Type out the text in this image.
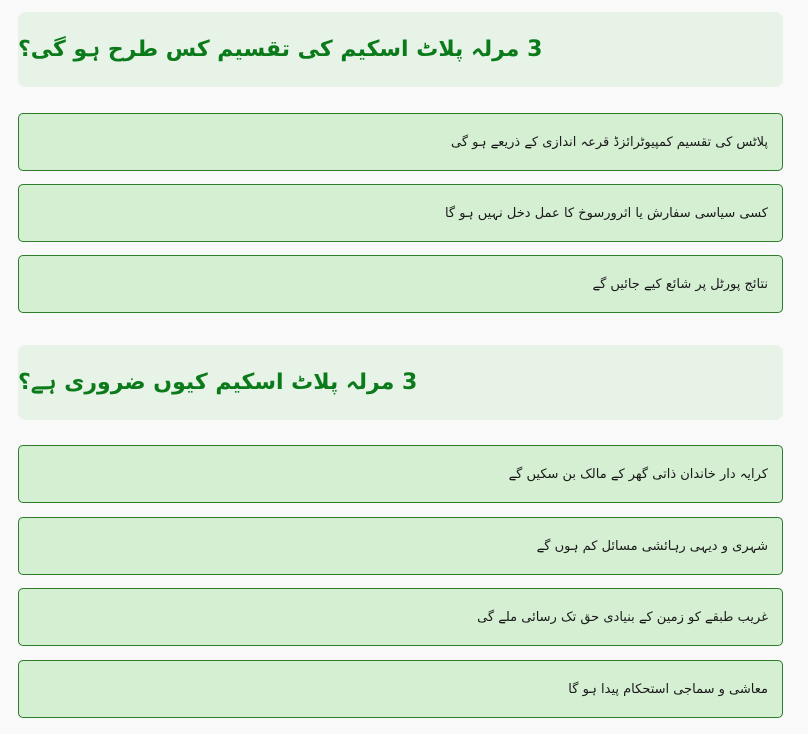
3 مرلہ پلاٹ اسکیم کی تقسیم کس طرح ہو گی؟
پلاٹس کی تقسیم کمپیوٹرائزڈ قرعہ اندازی کے ذریعے ہو گی
کسی سیاسی سفارش یا اثرورسوخ کا عمل دخل نہیں ہو گا
نتائج پورٹل پر شائع کیے جائیں گے
3 مرلہ پلاٹ اسکیم کیوں ضروری ہے؟
کرایہ دار خاندان ذاتی گھر کے مالک بن سکیں گے
شہری و دیہی رہائشی مسائل کم ہوں گے
غریب طبقے کو زمین کے بنیادی حق تک رسائی ملے گی
معاشی و سماجی استحکام پیدا ہو گا
